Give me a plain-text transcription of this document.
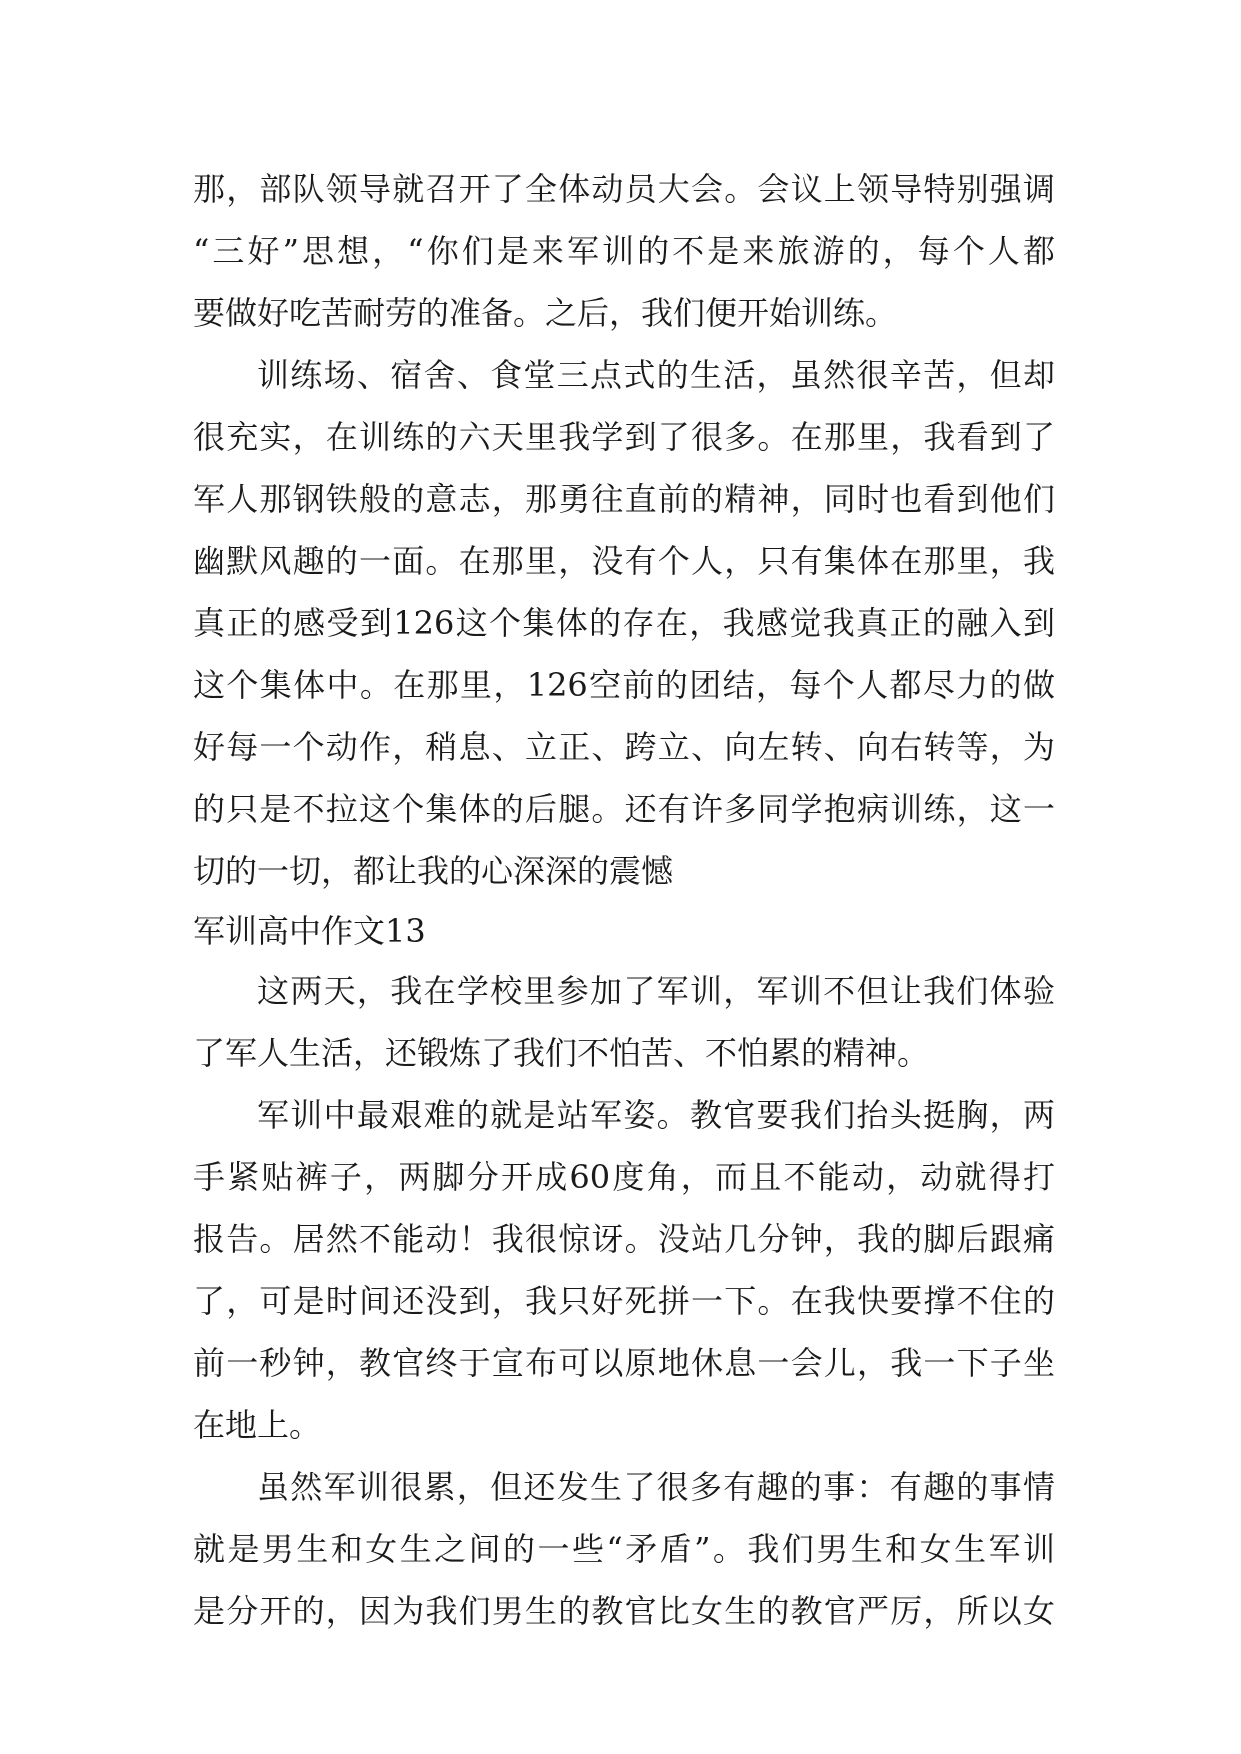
那，部队领导就召开了全体动员大会。会议上领导特别强调
“三好”思想，“你们是来军训的不是来旅游的，每个人都
要做好吃苦耐劳的准备。之后，我们便开始训练。
训练场、宿舍、食堂三点式的生活，虽然很辛苦，但却
很充实，在训练的六天里我学到了很多。在那里，我看到了
军人那钢铁般的意志，那勇往直前的精神，同时也看到他们
幽默风趣的一面。在那里，没有个人，只有集体在那里，我
真正的感受到126这个集体的存在，我感觉我真正的融入到
这个集体中。在那里，126空前的团结，每个人都尽力的做
好每一个动作，稍息、立正、跨立、向左转、向右转等，为
的只是不拉这个集体的后腿。还有许多同学抱病训练，这一
切的一切，都让我的心深深的震憾
军训高中作文13
这两天，我在学校里参加了军训，军训不但让我们体验
了军人生活，还锻炼了我们不怕苦、不怕累的精神。
军训中最艰难的就是站军姿。教官要我们抬头挺胸，两
手紧贴裤子，两脚分开成60度角，而且不能动，动就得打
报告。居然不能动！我很惊讶。没站几分钟，我的脚后跟痛
了，可是时间还没到，我只好死拼一下。在我快要撑不住的
前一秒钟，教官终于宣布可以原地休息一会儿，我一下子坐
在地上。
虽然军训很累，但还发生了很多有趣的事：有趣的事情
就是男生和女生之间的一些“矛盾”。我们男生和女生军训
是分开的，因为我们男生的教官比女生的教官严厉，所以女
